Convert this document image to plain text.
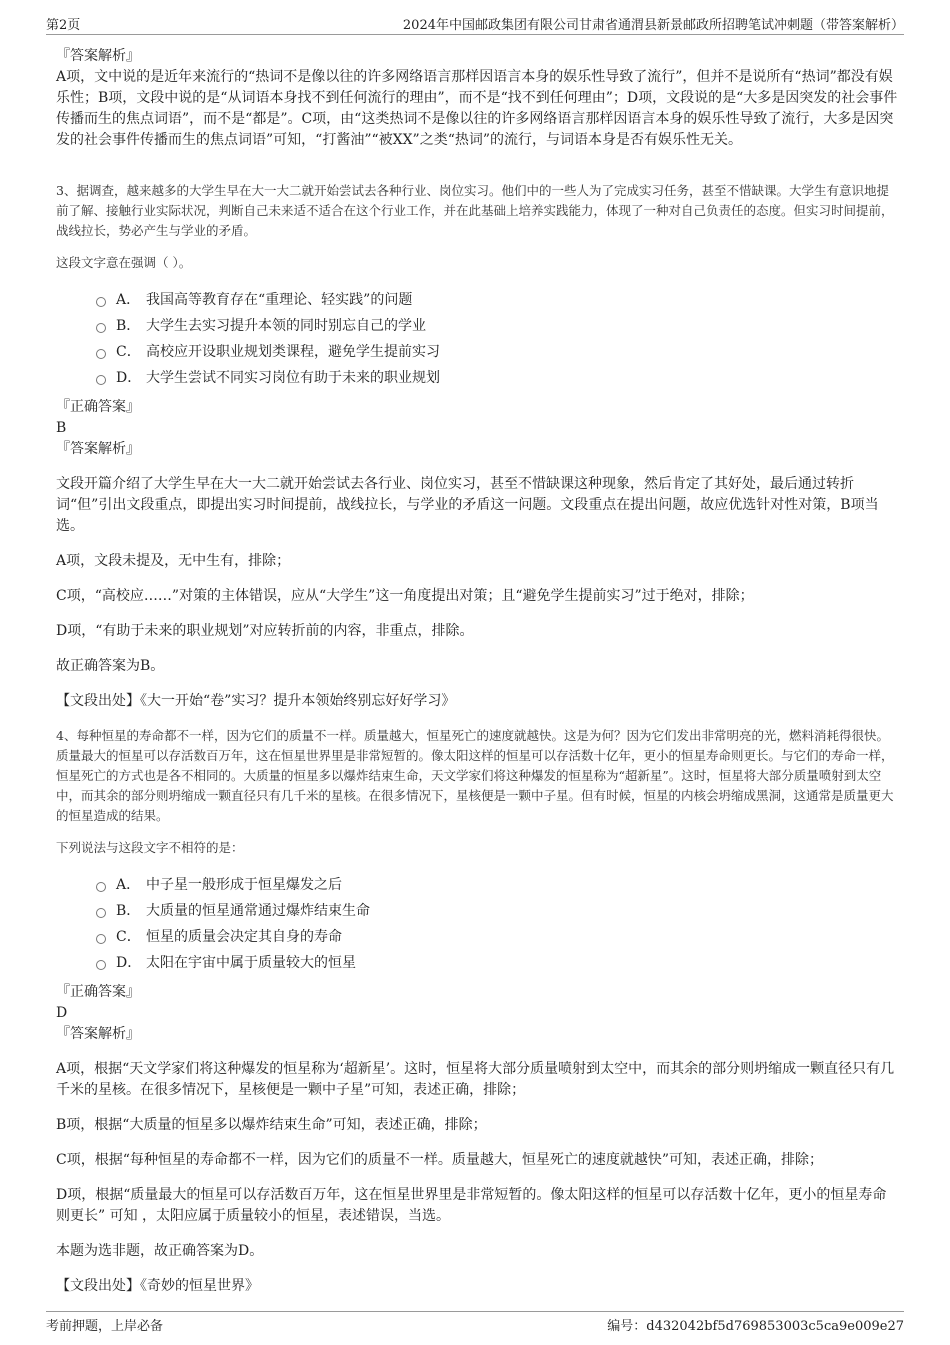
第2页	2024年中国邮政集团有限公司甘肃省通渭县新景邮政所招聘笔试冲刺题（带答案解析）

『答案解析』

A项，文中说的是近年来流行的“热词不是像以往的许多网络语言那样因语言本身的娱乐性导致了流行”，但并不是说所有“热词”都没有娱乐性；B项，文段中说的是“从词语本身找不到任何流行的理由”，而不是“找不到任何理由”；D项，文段说的是“大多是因突发的社会事件传播而生的焦点词语”，而不是“都是”。C项，由“这类热词不是像以往的许多网络语言那样因语言本身的娱乐性导致了流行，大多是因突发的社会事件传播而生的焦点词语”可知，“打酱油”“被XX”之类“热词”的流行，与词语本身是否有娱乐性无关。

3、据调查，越来越多的大学生早在大一大二就开始尝试去各种行业、岗位实习。他们中的一些人为了完成实习任务，甚至不惜缺课。大学生有意识地提前了解、接触行业实际状况，判断自己未来适不适合在这个行业工作，并在此基础上培养实践能力，体现了一种对自己负责任的态度。但实习时间提前，战线拉长，势必产生与学业的矛盾。

这段文字意在强调（ ）。

A． 我国高等教育存在“重理论、轻实践”的问题
B． 大学生去实习提升本领的同时别忘自己的学业
C． 高校应开设职业规划类课程，避免学生提前实习
D． 大学生尝试不同实习岗位有助于未来的职业规划

『正确答案』

B

『答案解析』

文段开篇介绍了大学生早在大一大二就开始尝试去各行业、岗位实习，甚至不惜缺课这种现象，然后肯定了其好处，最后通过转折词“但”引出文段重点，即提出实习时间提前，战线拉长，与学业的矛盾这一问题。文段重点在提出问题，故应优选针对性对策，B项当选。

A项，文段未提及，无中生有，排除；

C项，“高校应……”对策的主体错误，应从“大学生”这一角度提出对策；且“避免学生提前实习”过于绝对，排除；

D项，“有助于未来的职业规划”对应转折前的内容，非重点，排除。

故正确答案为B。

【文段出处】《大一开始“卷”实习？提升本领始终别忘好好学习》

4、每种恒星的寿命都不一样，因为它们的质量不一样。质量越大，恒星死亡的速度就越快。这是为何？因为它们发出非常明亮的光，燃料消耗得很快。质量最大的恒星可以存活数百万年，这在恒星世界里是非常短暂的。像太阳这样的恒星可以存活数十亿年，更小的恒星寿命则更长。与它们的寿命一样，恒星死亡的方式也是各不相同的。大质量的恒星多以爆炸结束生命，天文学家们将这种爆发的恒星称为“超新星”。这时，恒星将大部分质量喷射到太空中，而其余的部分则坍缩成一颗直径只有几千米的星核。在很多情况下，星核便是一颗中子星。但有时候，恒星的内核会坍缩成黑洞，这通常是质量更大的恒星造成的结果。

下列说法与这段文字不相符的是：

A． 中子星一般形成于恒星爆发之后
B． 大质量的恒星通常通过爆炸结束生命
C． 恒星的质量会决定其自身的寿命
D． 太阳在宇宙中属于质量较大的恒星

『正确答案』

D

『答案解析』

A项，根据“天文学家们将这种爆发的恒星称为‘超新星’。这时，恒星将大部分质量喷射到太空中，而其余的部分则坍缩成一颗直径只有几千米的星核。在很多情况下，星核便是一颗中子星”可知，表述正确，排除；

B项，根据“大质量的恒星多以爆炸结束生命”可知，表述正确，排除；

C项，根据“每种恒星的寿命都不一样，因为它们的质量不一样。质量越大，恒星死亡的速度就越快”可知，表述正确，排除；

D项，根据“质量最大的恒星可以存活数百万年，这在恒星世界里是非常短暂的。像太阳这样的恒星可以存活数十亿年，更小的恒星寿命则更长” 可知 ，太阳应属于质量较小的恒星，表述错误，当选。

本题为选非题，故正确答案为D。

【文段出处】《奇妙的恒星世界》

考前押题，上岸必备	编号：d432042bf5d769853003c5ca9e009e27
